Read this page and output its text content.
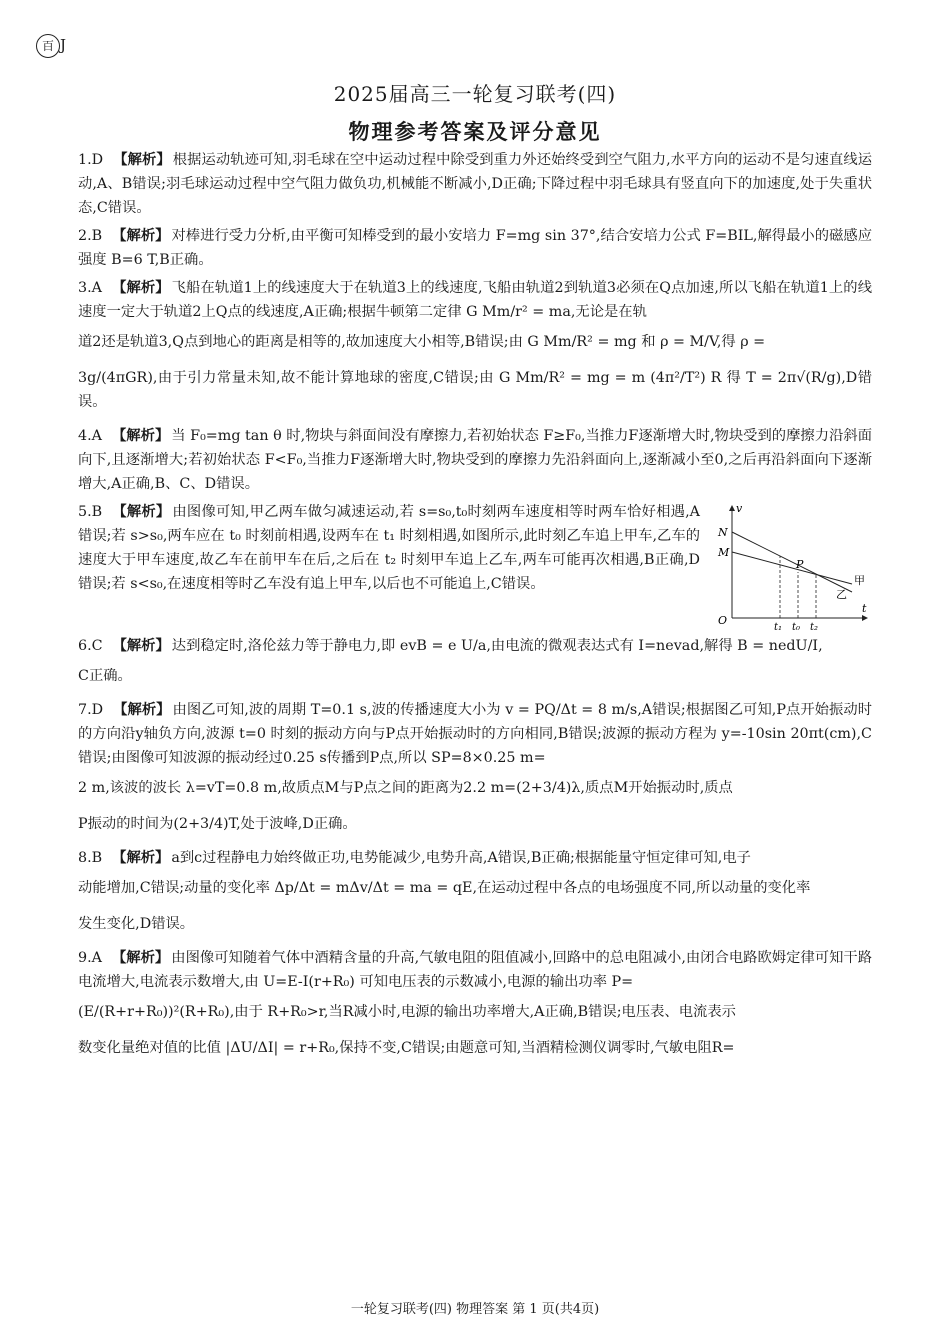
百 J
2025届高三一轮复习联考(四)
物理参考答案及评分意见

1.D 【解析】 根据运动轨迹可知,羽毛球在空中运动过程中除受到重力外还始终受到空气阻力,水平方向的运动不是匀速直线运动,A、B错误;羽毛球运动过程中空气阻力做负功,机械能不断减小,D正确;下降过程中羽毛球具有竖直向下的加速度,处于失重状态,C错误。

2.B 【解析】 对棒进行受力分析,由平衡可知棒受到的最小安培力 F=mg sin 37°,结合安培力公式 F=BIL,解得最小的磁感应强度 B=6 T,B正确。

3.A 【解析】 飞船在轨道1上的线速度大于在轨道3上的线速度,飞船由轨道2到轨道3必须在Q点加速,所以飞船在轨道1上的线速度一定大于轨道2上Q点的线速度,A正确;根据牛顿第二定律 G Mm/r² = ma,无论是在轨
道2还是轨道3,Q点到地心的距离是相等的,故加速度大小相等,B错误;由 G Mm/R² = mg 和 ρ = M/V,得 ρ =
3g/(4πGR),由于引力常量未知,故不能计算地球的密度,C错误;由 G Mm/R² = mg = m (4π²/T²) R 得 T = 2π√(R/g),D错误。

4.A 【解析】 当 F₀=mg tan θ 时,物块与斜面间没有摩擦力,若初始状态 F≥F₀,当推力F逐渐增大时,物块受到的摩擦力沿斜面向下,且逐渐增大;若初始状态 F<F₀,当推力F逐渐增大时,物块受到的摩擦力先沿斜面向上,逐渐减小至0,之后再沿斜面向下逐渐增大,A正确,B、C、D错误。

5.B 【解析】 由图像可知,甲乙两车做匀减速运动,若 s=s₀,t₀时刻两车速度相等时两车恰好相遇,A错误;若 s>s₀,两车应在 t₀ 时刻前相遇,设两车在 t₁ 时刻相遇,如图所示,此时刻乙车追上甲车,乙车的速度大于甲车速度,故乙车在前甲车在后,之后在 t₂ 时刻甲车追上乙车,两车可能再次相遇,B正确,D错误;若 s<s₀,在速度相等时乙车没有追上甲车,以后也不可能追上,C错误。
v
t
O
N
M
P
甲
乙
t₁ t₀ t₂

6.C 【解析】 达到稳定时,洛伦兹力等于静电力,即 evB = e U/a,由电流的微观表达式有 I=nevad,解得 B = nedU/I,
C正确。

7.D 【解析】 由图乙可知,波的周期 T=0.1 s,波的传播速度大小为 v = PQ/Δt = 8 m/s,A错误;根据图乙可知,P点开始振动时的方向沿y轴负方向,波源 t=0 时刻的振动方向与P点开始振动时的方向相同,B错误;波源的振动方程为 y=-10sin 20πt(cm),C错误;由图像可知波源的振动经过0.25 s传播到P点,所以 SP=8×0.25 m=
2 m,该波的波长 λ=vT=0.8 m,故质点M与P点之间的距离为2.2 m=(2+3/4)λ,质点M开始振动时,质点
P振动的时间为(2+3/4)T,处于波峰,D正确。

8.B 【解析】 a到c过程静电力始终做正功,电势能减少,电势升高,A错误,B正确;根据能量守恒定律可知,电子
动能增加,C错误;动量的变化率 Δp/Δt = mΔv/Δt = ma = qE,在运动过程中各点的电场强度不同,所以动量的变化率
发生变化,D错误。

9.A 【解析】 由图像可知随着气体中酒精含量的升高,气敏电阻的阻值减小,回路中的总电阻减小,由闭合电路欧姆定律可知干路电流增大,电流表示数增大,由 U=E-I(r+R₀) 可知电压表的示数减小,电源的输出功率 P=
(E/(R+r+R₀))²(R+R₀),由于 R+R₀>r,当R减小时,电源的输出功率增大,A正确,B错误;电压表、电流表示
数变化量绝对值的比值 |ΔU/ΔI| = r+R₀,保持不变,C错误;由题意可知,当酒精检测仪调零时,气敏电阻R=

一轮复习联考(四) 物理答案 第 1 页(共4页)
